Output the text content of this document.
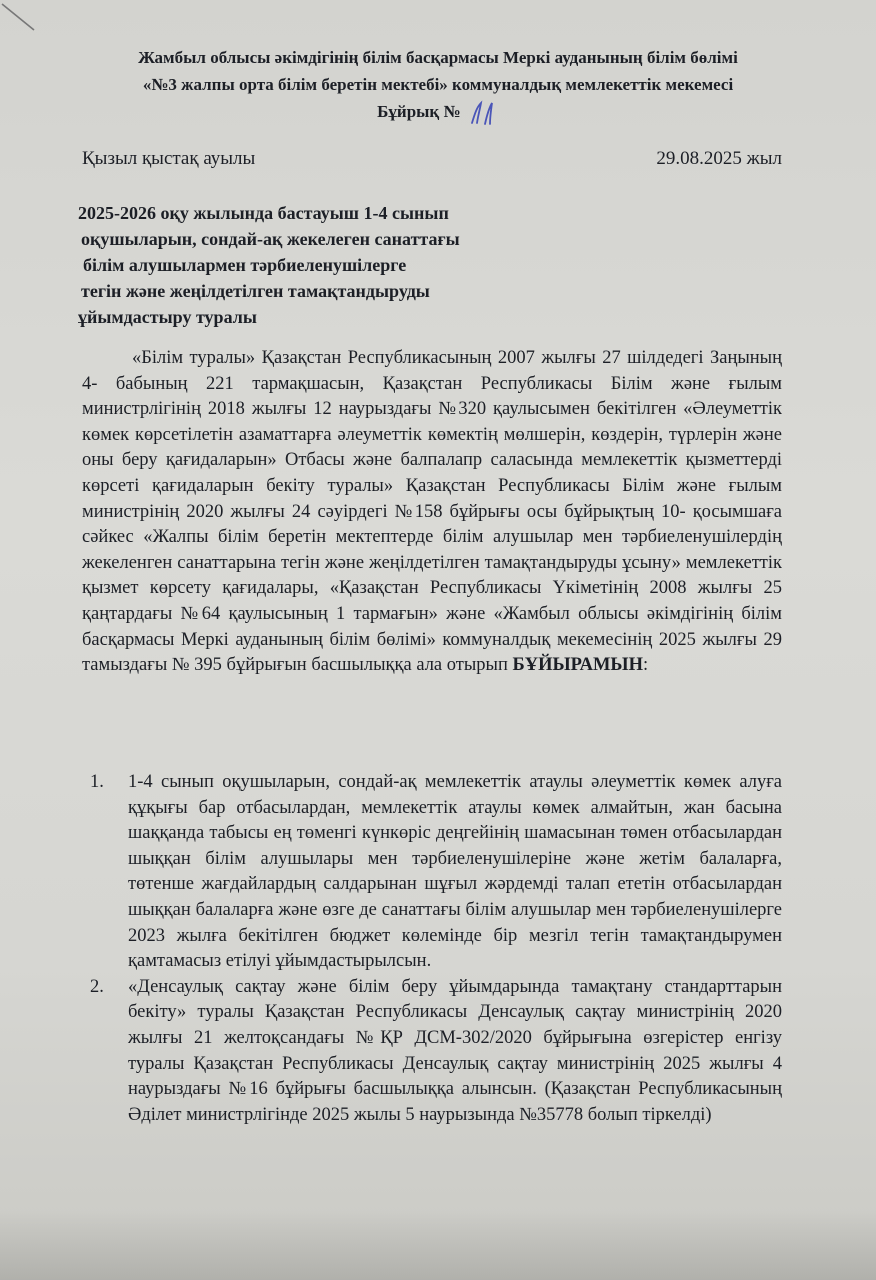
Жамбыл облысы әкімдігінің білім басқармасы Меркі ауданының білім бөлімі
«№3 жалпы орта білім беретін мектебі» коммуналдық мемлекеттік мекемесі
Бұйрық №
Қызыл қыстақ ауылы	29.08.2025 жыл
2025-2026 оқу жылында бастауыш 1-4 сынып
оқушыларын, сондай-ақ жекелеген санаттағы
білім алушылармен тәрбиеленушілерге
тегін және жеңілдетілген тамақтандыруды
ұйымдастыру туралы
«Білім туралы» Қазақстан Республикасының 2007 жылғы 27 шілдедегі Заңының 4- бабының 221 тармақшасын, Қазақстан Республикасы Білім және ғылым министрлігінің 2018 жылғы 12 наурыздағы №320 қаулысымен бекітілген «Әлеуметтік көмек көрсетілетін азаматтарға әлеуметтік көмектің мөлшерін, көздерін, түрлерін және оны беру қағидаларын» Отбасы және балпалапр саласында мемлекеттік қызметтерді көрсеті қағидаларын бекіту туралы» Қазақстан Республикасы Білім және ғылым министрінің 2020 жылғы 24 сәуірдегі №158 бұйрығы осы бұйрықтың 10- қосымшаға сәйкес «Жалпы білім беретін мектептерде білім алушылар мен тәрбиеленушілердің жекеленген санаттарына тегін және жеңілдетілген тамақтандыруды ұсыну» мемлекеттік қызмет көрсету қағидалары, «Қазақстан Республикасы Үкіметінің 2008 жылғы 25 қаңтардағы №64 қаулысының 1 тармағын» және «Жамбыл облысы әкімдігінің білім басқармасы Меркі ауданының білім бөлімі» коммуналдық мекемесінің 2025 жылғы 29 тамыздағы № 395 бұйрығын басшылыққа ала отырып БҰЙЫРАМЫН:
1. 1-4 сынып оқушыларын, сондай-ақ мемлекеттік атаулы әлеуметтік көмек алуға құқығы бар отбасылардан, мемлекеттік атаулы көмек алмайтын, жан басына шаққанда табысы ең төменгі күнкөріс деңгейінің шамасынан төмен отбасылардан шыққан білім алушылары мен тәрбиеленушілеріне және жетім балаларға, төтенше жағдайлардың салдарынан шұғыл жәрдемді талап ететін отбасылардан шыққан балаларға және өзге де санаттағы білім алушылар мен тәрбиеленушілерге 2023 жылға бекітілген бюджет көлемінде бір мезгіл тегін тамақтандырумен қамтамасыз етілуі ұйымдастырылсын.
2. «Денсаулық сақтау және білім беру ұйымдарында тамақтану стандарттарын бекіту» туралы Қазақстан Республикасы Денсаулық сақтау министрінің 2020 жылғы 21 желтоқсандағы №ҚР ДСМ-302/2020 бұйрығына өзгерістер енгізу туралы Қазақстан Республикасы Денсаулық сақтау министрінің 2025 жылғы 4 наурыздағы №16 бұйрығы басшылыққа алынсын. (Қазақстан Республикасының Әділет министрлігінде 2025 жылы 5 наурызында №35778 болып тіркелді)
